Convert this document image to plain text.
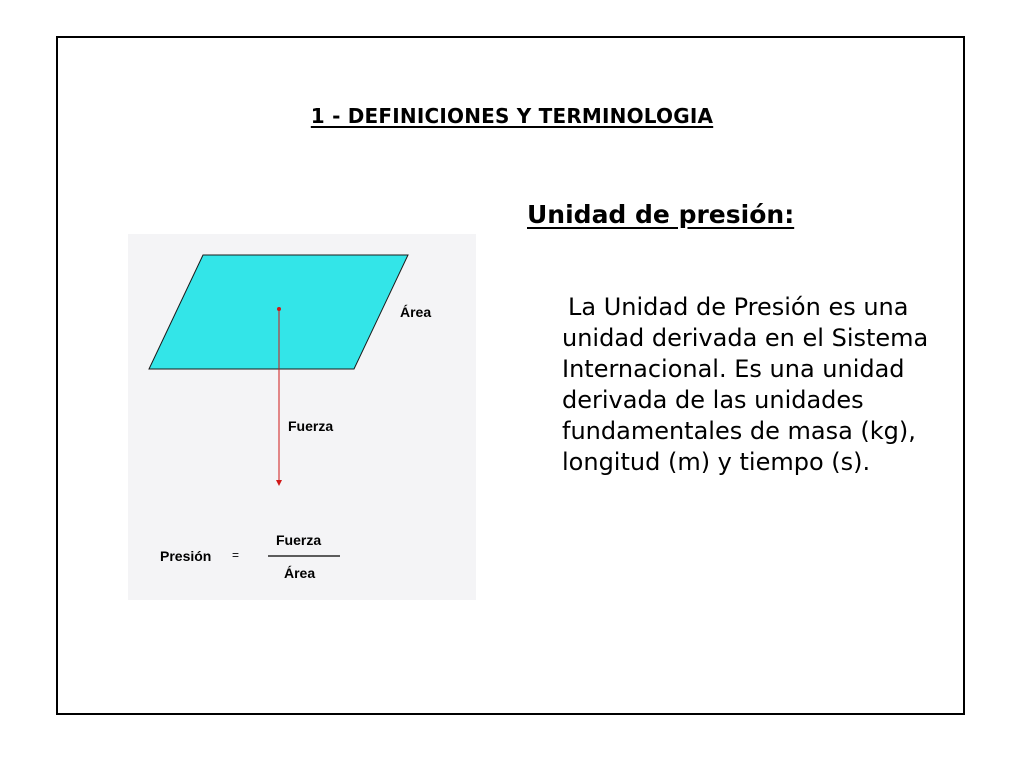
1 - DEFINICIONES Y TERMINOLOGIA
Unidad de presión:
La Unidad de Presión es una unidad derivada en el Sistema Internacional. Es una unidad derivada de las unidades fundamentales de masa (kg), longitud (m) y tiempo (s).
Área
Fuerza
Presión =
Fuerza
Área
